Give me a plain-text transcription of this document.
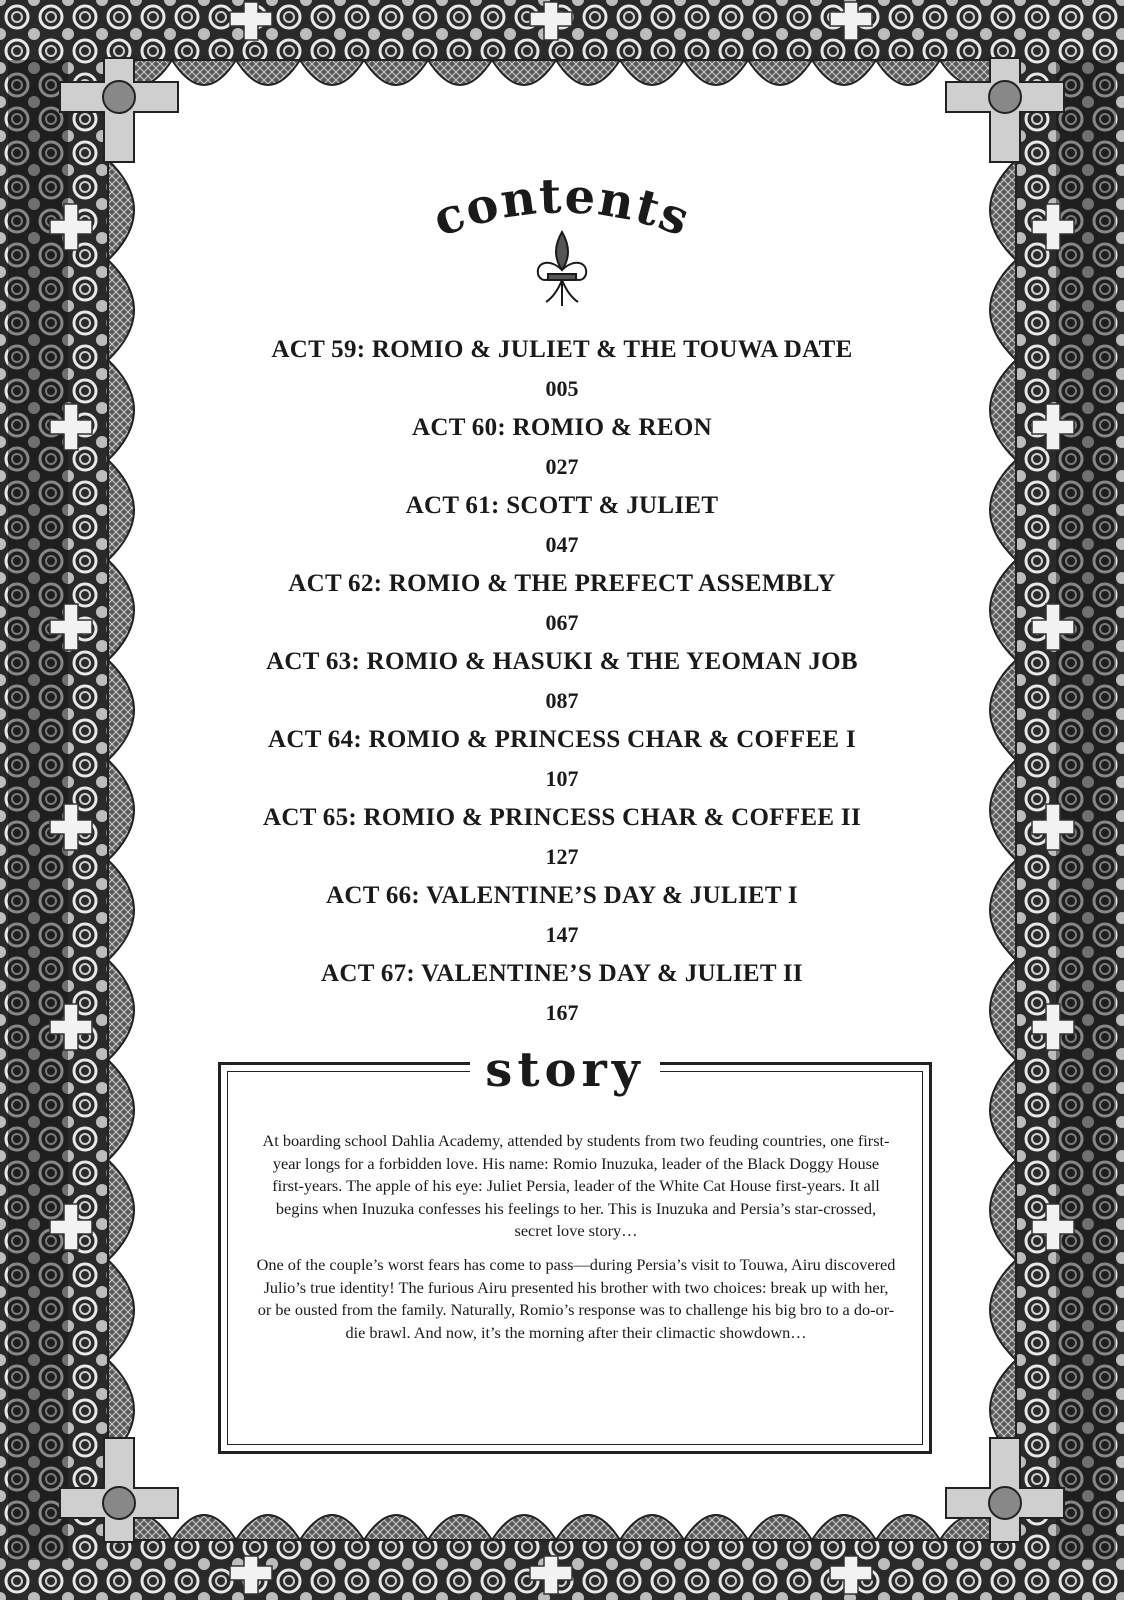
contents
ACT 59: ROMIO & JULIET & THE TOUWA DATE
005
ACT 60: ROMIO & REON
027
ACT 61: SCOTT & JULIET
047
ACT 62: ROMIO & THE PREFECT ASSEMBLY
067
ACT 63: ROMIO & HASUKI & THE YEOMAN JOB
087
ACT 64: ROMIO & PRINCESS CHAR & COFFEE I
107
ACT 65: ROMIO & PRINCESS CHAR & COFFEE II
127
ACT 66: VALENTINE’S DAY & JULIET I
147
ACT 67: VALENTINE’S DAY & JULIET II
167
story

At boarding school Dahlia Academy, attended by students from two feuding countries, one first-year longs for a forbidden love. His name: Romio Inuzuka, leader of the Black Doggy House first-years. The apple of his eye: Juliet Persia, leader of the White Cat House first-years. It all begins when Inuzuka confesses his feelings to her. This is Inuzuka and Persia’s star-crossed, secret love story…

One of the couple’s worst fears has come to pass—during Persia’s visit to Touwa, Airu discovered Julio’s true identity! The furious Airu presented his brother with two choices: break up with her, or be ousted from the family. Naturally, Romio’s response was to challenge his big bro to a do-or-die brawl. And now, it’s the morning after their climactic showdown…
